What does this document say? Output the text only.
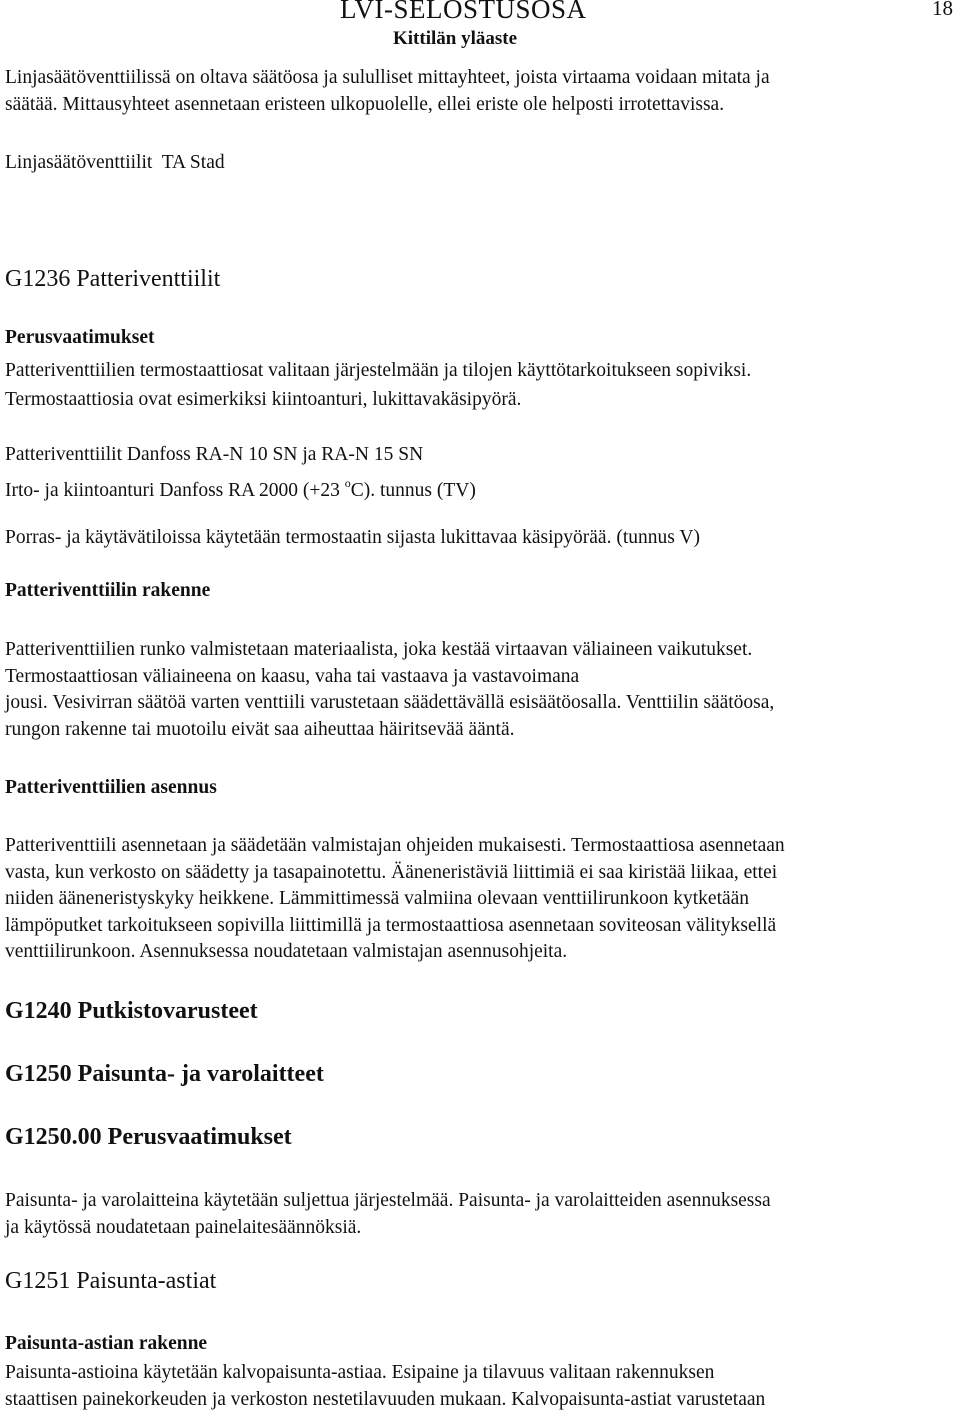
LVI-SELOSTUSOSA
Kittilän yläaste
18
Linjasäätöventtiilissä on oltava säätöosa ja sululliset mittayhteet, joista virtaama voidaan mitata ja
säätää. Mittausyhteet asennetaan eristeen ulkopuolelle, ellei eriste ole helposti irrotettavissa.
Linjasäätöventtiilit  TA Stad
G1236 Patteriventtiilit
Perusvaatimukset
Patteriventtiilien termostaattiosat valitaan järjestelmään ja tilojen käyttötarkoitukseen sopiviksi.
Termostaattiosia ovat esimerkiksi kiintoanturi, lukittavakäsipyörä.
Patteriventtiilit Danfoss RA-N 10 SN ja RA-N 15 SN
Irto- ja kiintoanturi Danfoss RA 2000 (+23 $^o$C). tunnus (TV)
Porras- ja käytävätiloissa käytetään termostaatin sijasta lukittavaa käsipyörää. (tunnus V)
Patteriventtiilin rakenne
Patteriventtiilien runko valmistetaan materiaalista, joka kestää virtaavan väliaineen vaikutukset.
Termostaattiosan väliaineena on kaasu, vaha tai vastaava ja vastavoimana
jousi. Vesivirran säätöä varten venttiili varustetaan säädettävällä esisäätöosalla. Venttiilin säätöosa,
rungon rakenne tai muotoilu eivät saa aiheuttaa häiritsevää ääntä.
Patteriventtiilien asennus
Patteriventtiili asennetaan ja säädetään valmistajan ohjeiden mukaisesti. Termostaattiosa asennetaan
vasta, kun verkosto on säädetty ja tasapainotettu. Ääneneristäviä liittimiä ei saa kiristää liikaa, ettei
niiden ääneneristyskyky heikkene. Lämmittimessä valmiina olevaan venttiilirunkoon kytketään
lämpöputket tarkoitukseen sopivilla liittimillä ja termostaattiosa asennetaan soviteosan välityksellä
venttiilirunkoon. Asennuksessa noudatetaan valmistajan asennusohjeita.
G1240 Putkistovarusteet
G1250 Paisunta- ja varolaitteet
G1250.00 Perusvaatimukset
Paisunta- ja varolaitteina käytetään suljettua järjestelmää. Paisunta- ja varolaitteiden asennuksessa
ja käytössä noudatetaan painelaitesäännöksiä.
G1251 Paisunta-astiat
Paisunta-astian rakenne
Paisunta-astioina käytetään kalvopaisunta-astiaa. Esipaine ja tilavuus valitaan rakennuksen
staattisen painekorkeuden ja verkoston nestetilavuuden mukaan. Kalvopaisunta-astiat varustetaan
